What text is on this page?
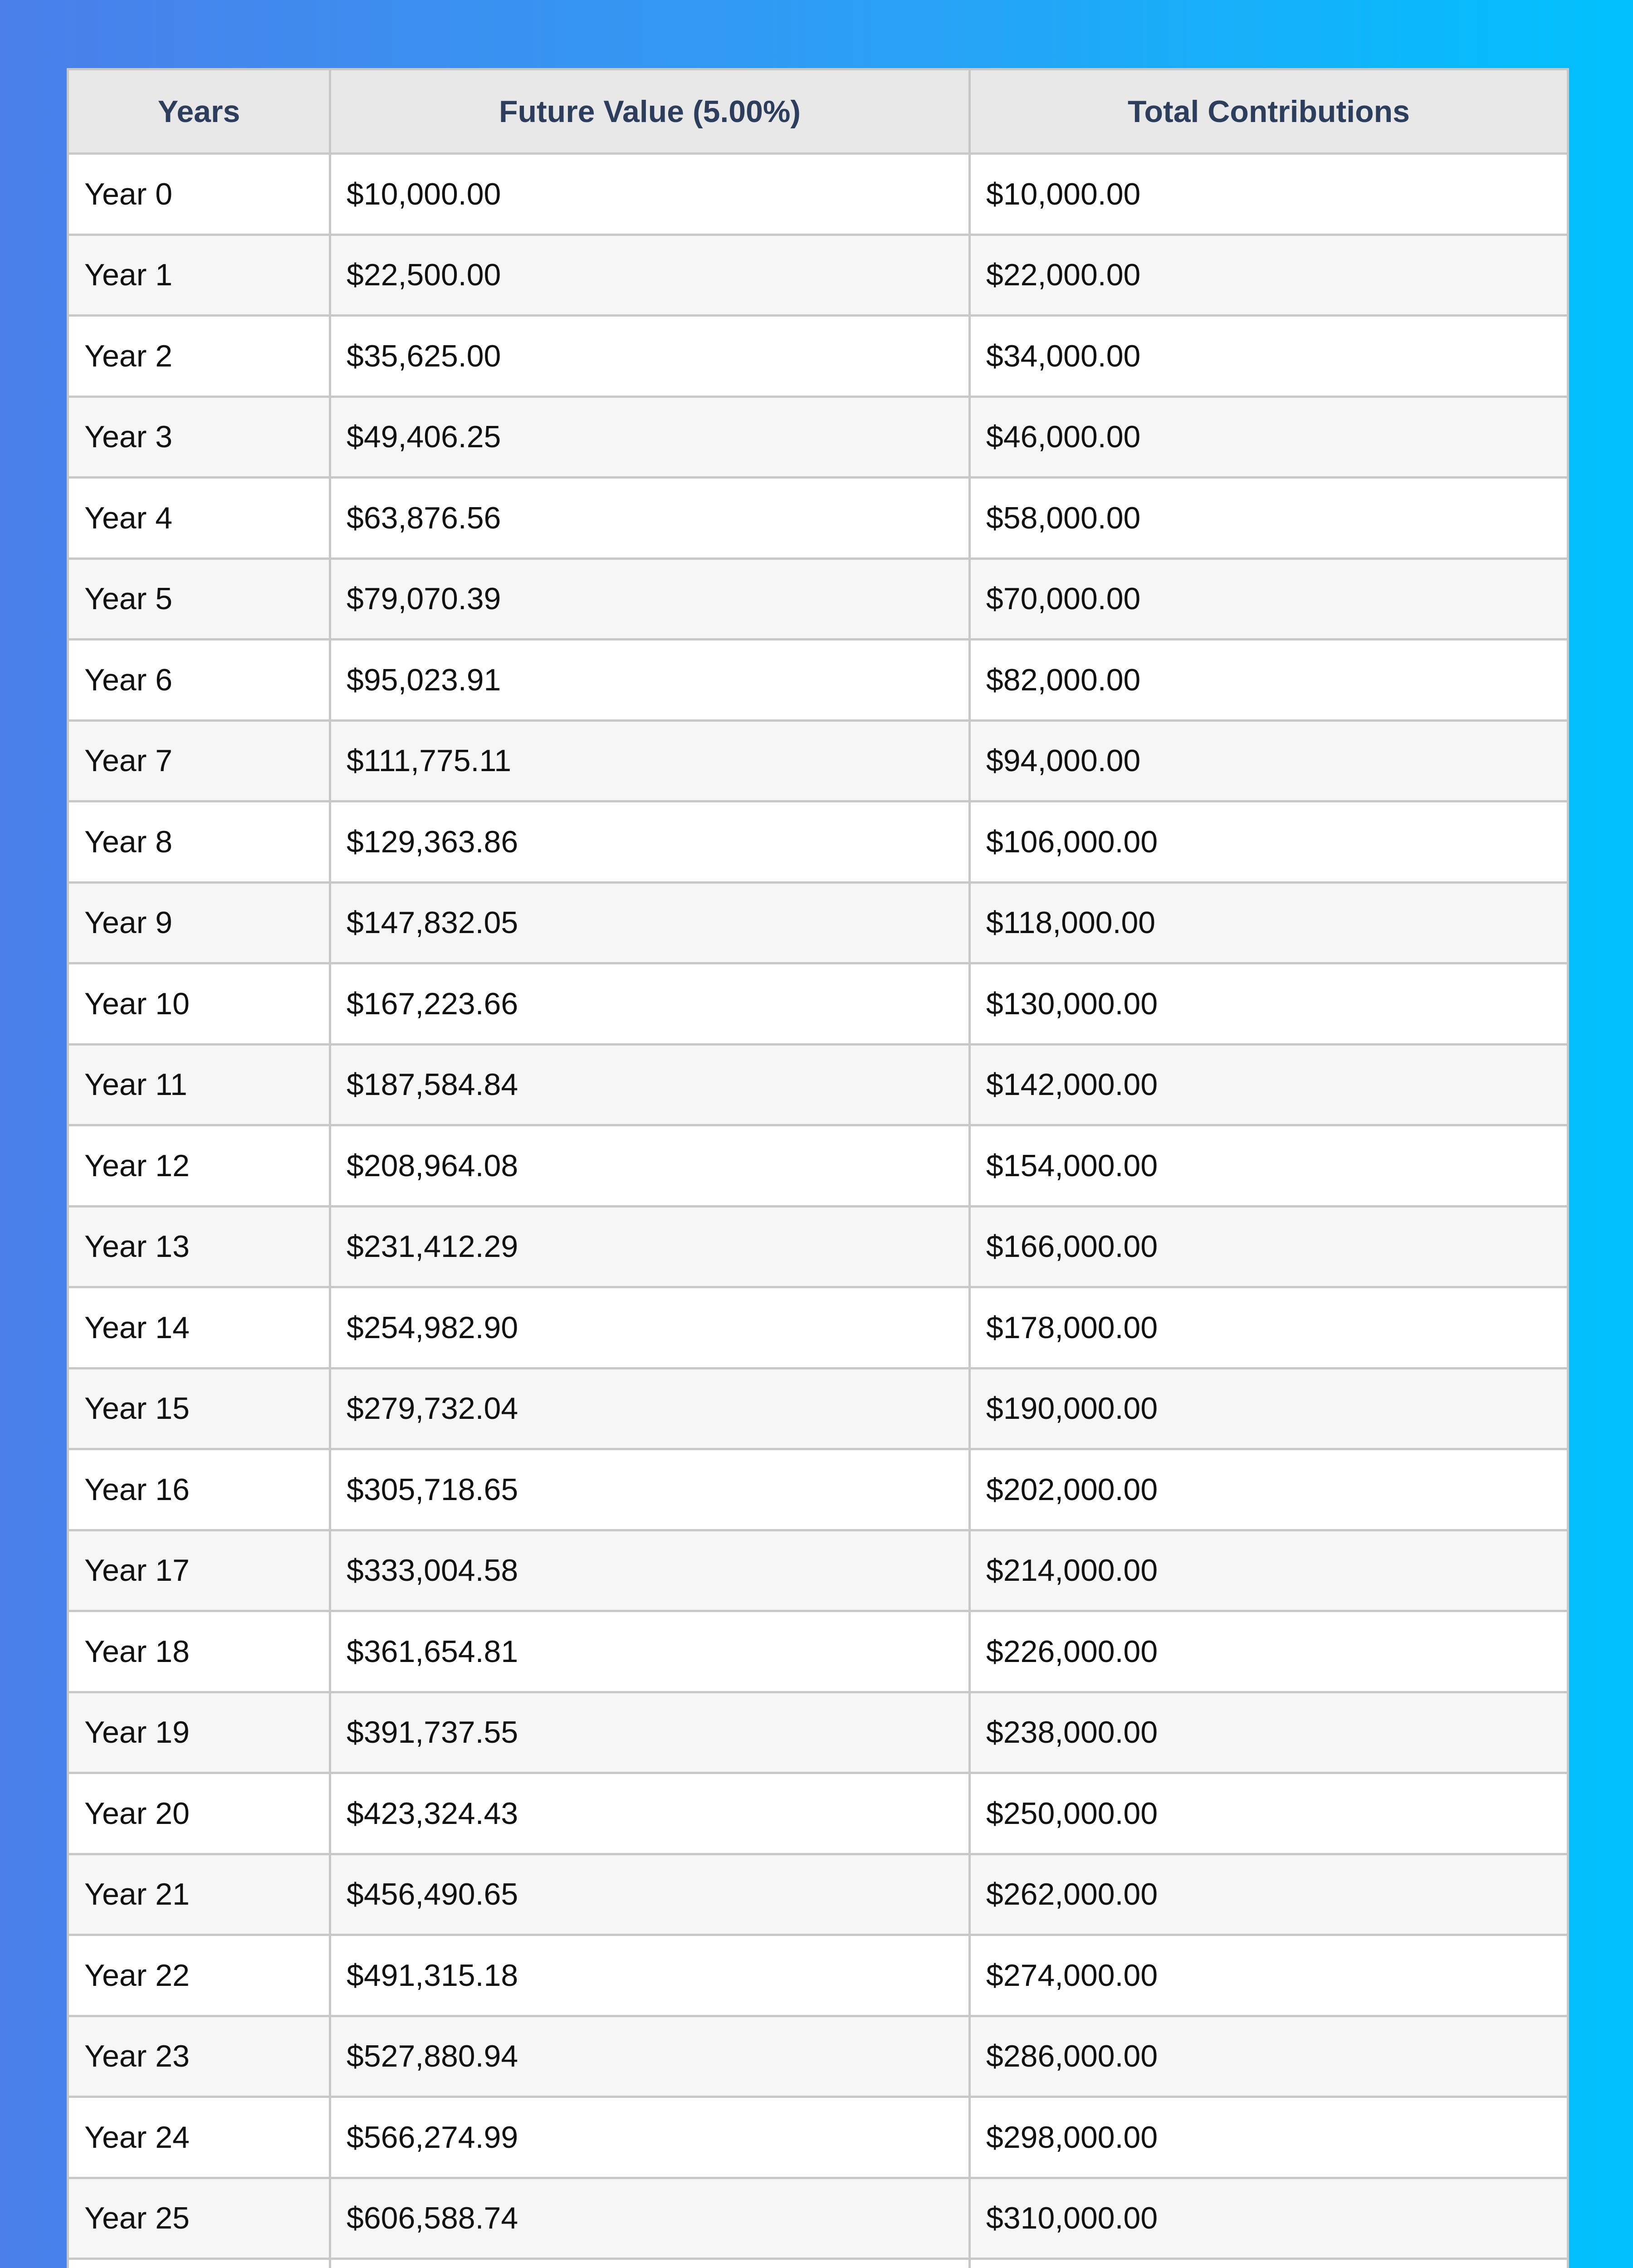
Years	Future Value (5.00%)	Total Contributions
Year 0	$10,000.00	$10,000.00
Year 1	$22,500.00	$22,000.00
Year 2	$35,625.00	$34,000.00
Year 3	$49,406.25	$46,000.00
Year 4	$63,876.56	$58,000.00
Year 5	$79,070.39	$70,000.00
Year 6	$95,023.91	$82,000.00
Year 7	$111,775.11	$94,000.00
Year 8	$129,363.86	$106,000.00
Year 9	$147,832.05	$118,000.00
Year 10	$167,223.66	$130,000.00
Year 11	$187,584.84	$142,000.00
Year 12	$208,964.08	$154,000.00
Year 13	$231,412.29	$166,000.00
Year 14	$254,982.90	$178,000.00
Year 15	$279,732.04	$190,000.00
Year 16	$305,718.65	$202,000.00
Year 17	$333,004.58	$214,000.00
Year 18	$361,654.81	$226,000.00
Year 19	$391,737.55	$238,000.00
Year 20	$423,324.43	$250,000.00
Year 21	$456,490.65	$262,000.00
Year 22	$491,315.18	$274,000.00
Year 23	$527,880.94	$286,000.00
Year 24	$566,274.99	$298,000.00
Year 25	$606,588.74	$310,000.00
